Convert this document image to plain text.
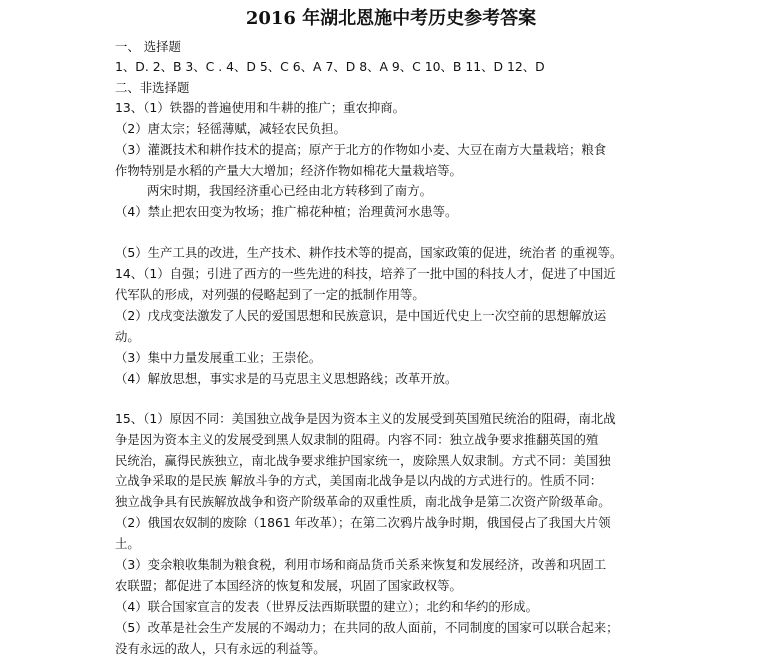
2016 年湖北恩施中考历史参考答案

一、 选择题

1、D. 2、B 3、C . 4、D 5、C 6、A 7、D 8、A 9、C 10、B 11、D 12、D

二、非选择题

13、（1）铁器的普遍使用和牛耕的推广；重农抑商。

（2）唐太宗；轻徭薄赋，减轻农民负担。

（3）灌溉技术和耕作技术的提高；原产于北方的作物如小麦、大豆在南方大量栽培；粮食

作物特别是水稻的产量大大增加；经济作物如棉花大量栽培等。

两宋时期，我国经济重心已经由北方转移到了南方。

（4）禁止把农田变为牧场；推广棉花种植；治理黄河水患等。

（5）生产工具的改进，生产技术、耕作技术等的提高，国家政策的促进，统治者 的重视等。

14、（1）自强；引进了西方的一些先进的科技，培养了一批中国的科技人才，促进了中国近

代军队的形成，对列强的侵略起到了一定的抵制作用等。

（2）戊戌变法激发了人民的爱国思想和民族意识，是中国近代史上一次空前的思想解放运

动。

（3）集中力量发展重工业；王崇伦。

（4）解放思想，事实求是的马克思主义思想路线；改革开放。

15、（1）原因不同：美国独立战争是因为资本主义的发展受到英国殖民统治的阻碍，南北战

争是因为资本主义的发展受到黑人奴隶制的阻碍。内容不同：独立战争要求推翻英国的殖

民统治，赢得民族独立，南北战争要求维护国家统一，废除黑人奴隶制。方式不同：美国独

立战争采取的是民族 解放斗争的方式，美国南北战争是以内战的方式进行的。性质不同：

独立战争具有民族解放战争和资产阶级革命的双重性质，南北战争是第二次资产阶级革命。

（2）俄国农奴制的废除（1861 年改革）；在第二次鸦片战争时期，俄国侵占了我国大片领

土。

（3）变余粮收集制为粮食税，利用市场和商品货币关系来恢复和发展经济，改善和巩固工

农联盟；都促进了本国经济的恢复和发展，巩固了国家政权等。

（4）联合国家宣言的发表（世界反法西斯联盟的建立）；北约和华约的形成。

（5）改革是社会生产发展的不竭动力；在共同的敌人面前，不同制度的国家可以联合起来；

没有永远的敌人，只有永远的利益等。
